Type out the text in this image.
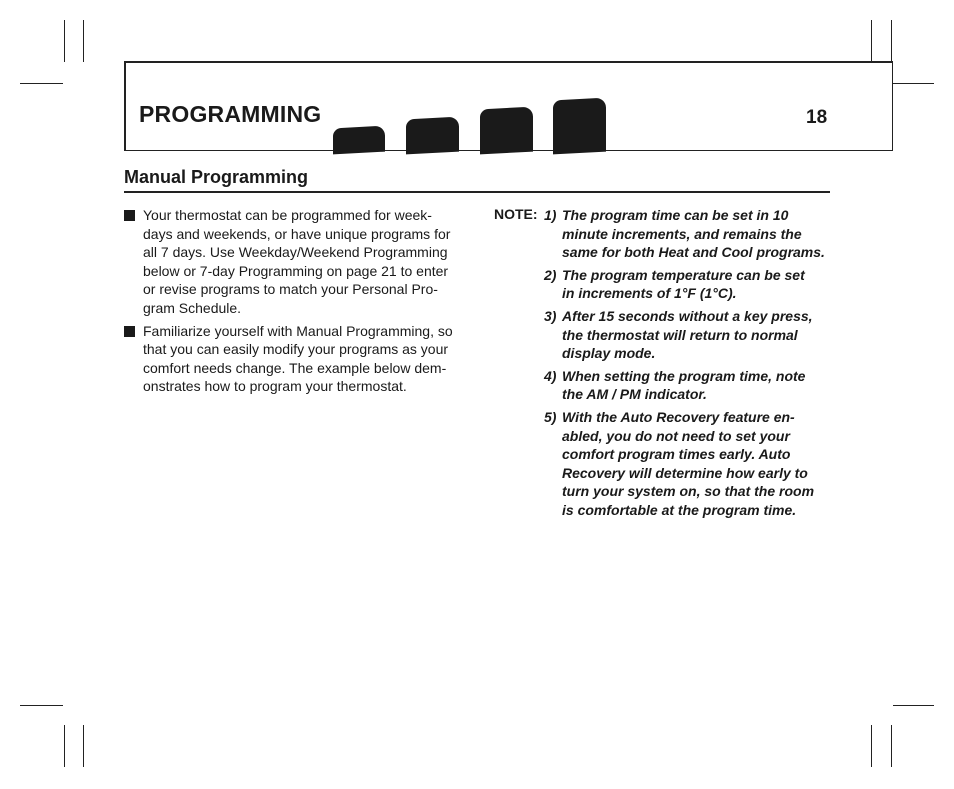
PROGRAMMING	18
Manual Programming
Your thermostat can be programmed for week-
days and weekends, or have unique programs for
all 7 days. Use Weekday/Weekend Programming
below or 7-day Programming on page 21 to enter
or revise programs to match your Personal Pro-
gram Schedule.
Familiarize yourself with Manual Programming, so
that you can easily modify your programs as your
comfort needs change. The example below dem-
onstrates how to program your thermostat.
NOTE: 1) The program time can be set in 10
minute increments, and remains the
same for both Heat and Cool programs.
2) The program temperature can be set
in increments of 1°F (1°C).
3) After 15 seconds without a key press,
the thermostat will return to normal
display mode.
4) When setting the program time, note
the AM / PM indicator.
5) With the Auto Recovery feature en-
abled, you do not need to set your
comfort program times early. Auto
Recovery will determine how early to
turn your system on, so that the room
is comfortable at the program time.
